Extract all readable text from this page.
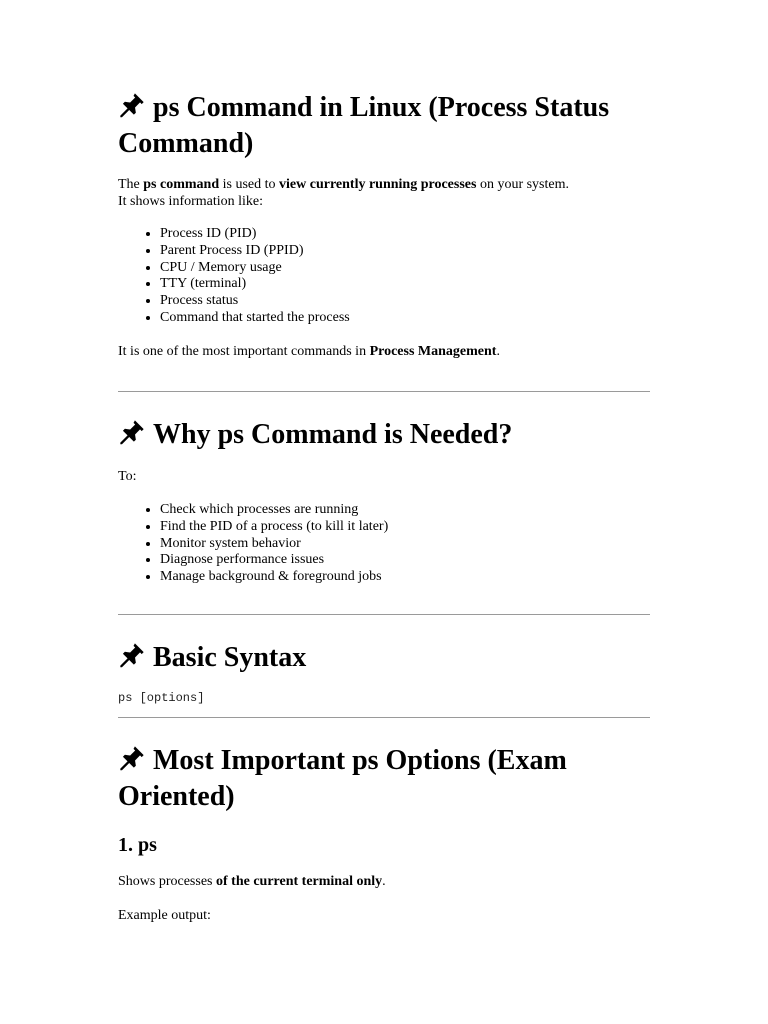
ps Command in Linux (Process Status Command)

The ps command is used to view currently running processes on your system.
It shows information like:

• Process ID (PID)
• Parent Process ID (PPID)
• CPU / Memory usage
• TTY (terminal)
• Process status
• Command that started the process

It is one of the most important commands in Process Management.

Why ps Command is Needed?

To:

• Check which processes are running
• Find the PID of a process (to kill it later)
• Monitor system behavior
• Diagnose performance issues
• Manage background & foreground jobs
Basic Syntax
ps [options]
Most Important ps Options (Exam Oriented)
1. ps

Shows processes of the current terminal only.

Example output:
